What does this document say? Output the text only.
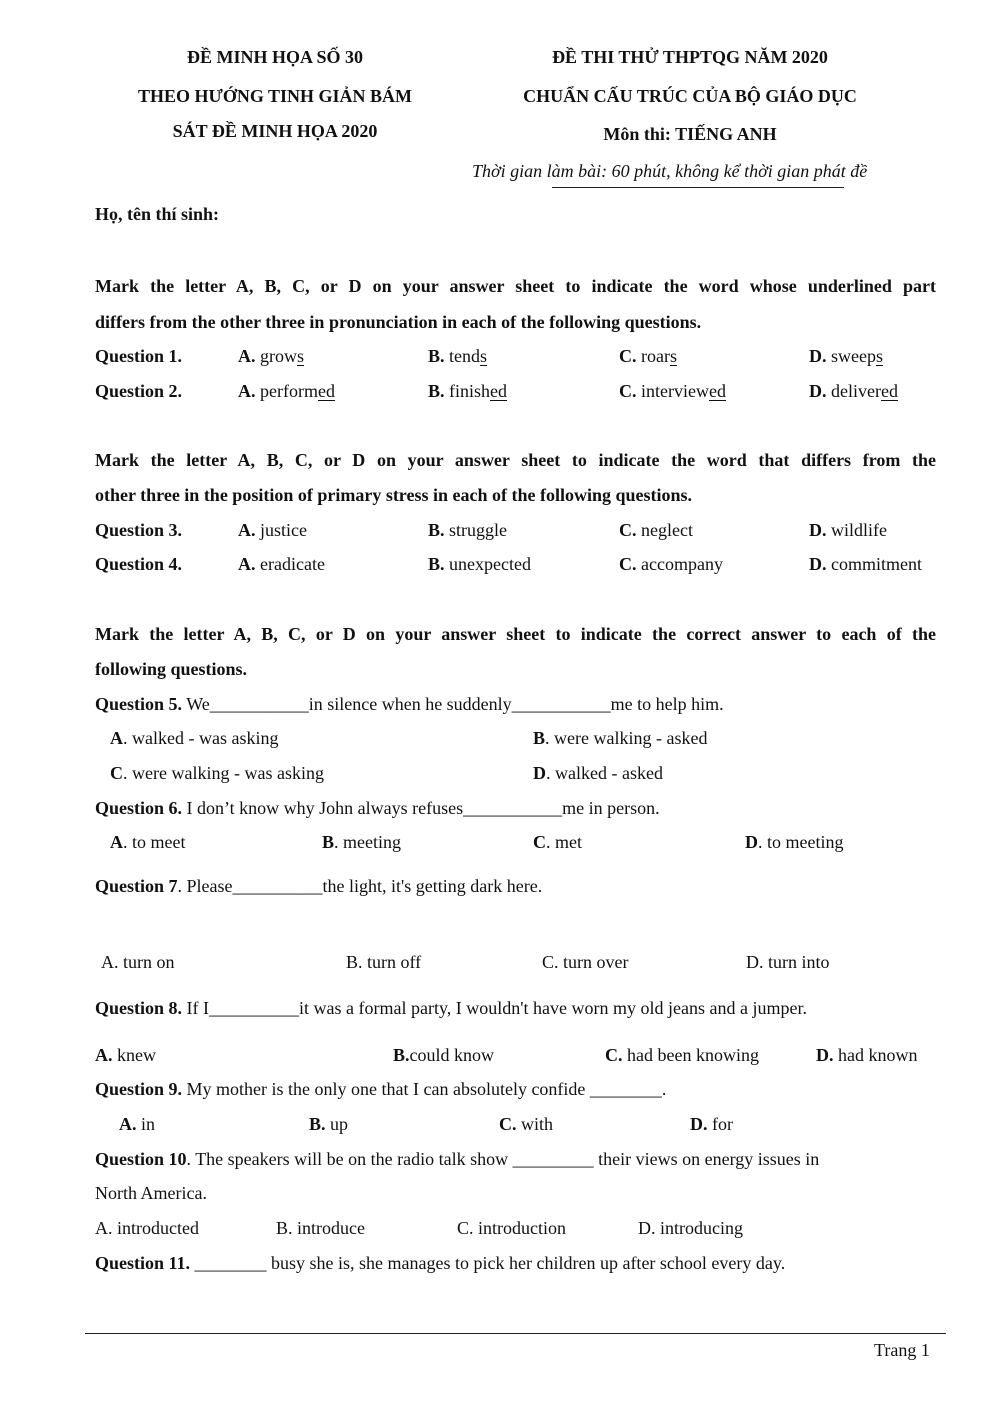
ĐỀ MINH HỌA SỐ 30
THEO HƯỚNG TINH GIẢN BÁM
SÁT ĐỀ MINH HỌA 2020
ĐỀ THI THỬ THPTQG NĂM 2020
CHUẨN CẤU TRÚC CỦA BỘ GIÁO DỤC
Môn thi: TIẾNG ANH
Thời gian làm bài: 60 phút, không kể thời gian phát đề
Họ, tên thí sinh:
Mark the letter A, B, C, or D on your answer sheet to indicate the word whose underlined part
differs from the other three in pronunciation in each of the following questions.
Question 1.	A. grows	B. tends	C. roars	D. sweeps
Question 2.	A. performed	B. finished	C. interviewed	D. delivered
Mark the letter A, B, C, or D on your answer sheet to indicate the word that differs from the
other three in the position of primary stress in each of the following questions.
Question 3.	A. justice	B. struggle	C. neglect	D. wildlife
Question 4.	A. eradicate	B. unexpected	C. accompany	D. commitment
Mark the letter A, B, C, or D on your answer sheet to indicate the correct answer to each of the
following questions.
Question 5. We___________in silence when he suddenly___________me to help him.
A. walked - was asking	B. were walking - asked
C. were walking - was asking	D. walked - asked
Question 6. I don’t know why John always refuses___________me in person.
A. to meet	B. meeting	C. met	D. to meeting
Question 7. Please__________the light, it's getting dark here.
A. turn on	B. turn off	C. turn over	D. turn into
Question 8. If I__________it was a formal party, I wouldn't have worn my old jeans and a jumper.
A. knew	B.could know	C. had been knowing	D. had known
Question 9. My mother is the only one that I can absolutely confide ________.
A. in	B. up	C. with	D. for
Question 10. The speakers will be on the radio talk show _________ their views on energy issues in
North America.
A. introducted	B. introduce	C. introduction	D. introducing
Question 11. ________ busy she is, she manages to pick her children up after school every day.
Trang 1
